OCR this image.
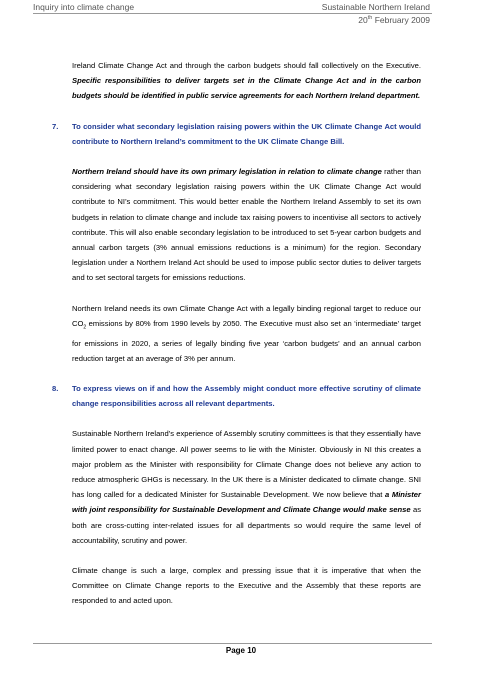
Inquiry into climate change	Sustainable Northern Ireland
20th February 2009

Ireland Climate Change Act and through the carbon budgets should fall collectively on the Executive. Specific responsibilities to deliver targets set in the Climate Change Act and in the carbon budgets should be identified in public service agreements for each Northern Ireland department.

7. To consider what secondary legislation raising powers within the UK Climate Change Act would contribute to Northern Ireland’s commitment to the UK Climate Change Bill.

Northern Ireland should have its own primary legislation in relation to climate change rather than considering what secondary legislation raising powers within the UK Climate Change Act would contribute to NI’s commitment. This would better enable the Northern Ireland Assembly to set its own budgets in relation to climate change and include tax raising powers to incentivise all sectors to actively contribute. This will also enable secondary legislation to be introduced to set 5-year carbon budgets and annual carbon targets (3% annual emissions reductions is a minimum) for the region. Secondary legislation under a Northern Ireland Act should be used to impose public sector duties to deliver targets and to set sectoral targets for emissions reductions.

Northern Ireland needs its own Climate Change Act with a legally binding regional target to reduce our $CO_2$ emissions by 80% from 1990 levels by 2050. The Executive must also set an ‘intermediate’ target for emissions in 2020, a series of legally binding five year ‘carbon budgets’ and an annual carbon reduction target at an average of 3% per annum.

8. To express views on if and how the Assembly might conduct more effective scrutiny of climate change responsibilities across all relevant departments.

Sustainable Northern Ireland’s experience of Assembly scrutiny committees is that they essentially have limited power to enact change. All power seems to lie with the Minister. Obviously in NI this creates a major problem as the Minister with responsibility for Climate Change does not believe any action to reduce atmospheric GHGs is necessary. In the UK there is a Minister dedicated to climate change. SNI has long called for a dedicated Minister for Sustainable Development. We now believe that a Minister with joint responsibility for Sustainable Development and Climate Change would make sense as both are cross-cutting inter-related issues for all departments so would require the same level of accountability, scrutiny and power.

Climate change is such a large, complex and pressing issue that it is imperative that when the Committee on Climate Change reports to the Executive and the Assembly that these reports are responded to and acted upon.

Page 10
